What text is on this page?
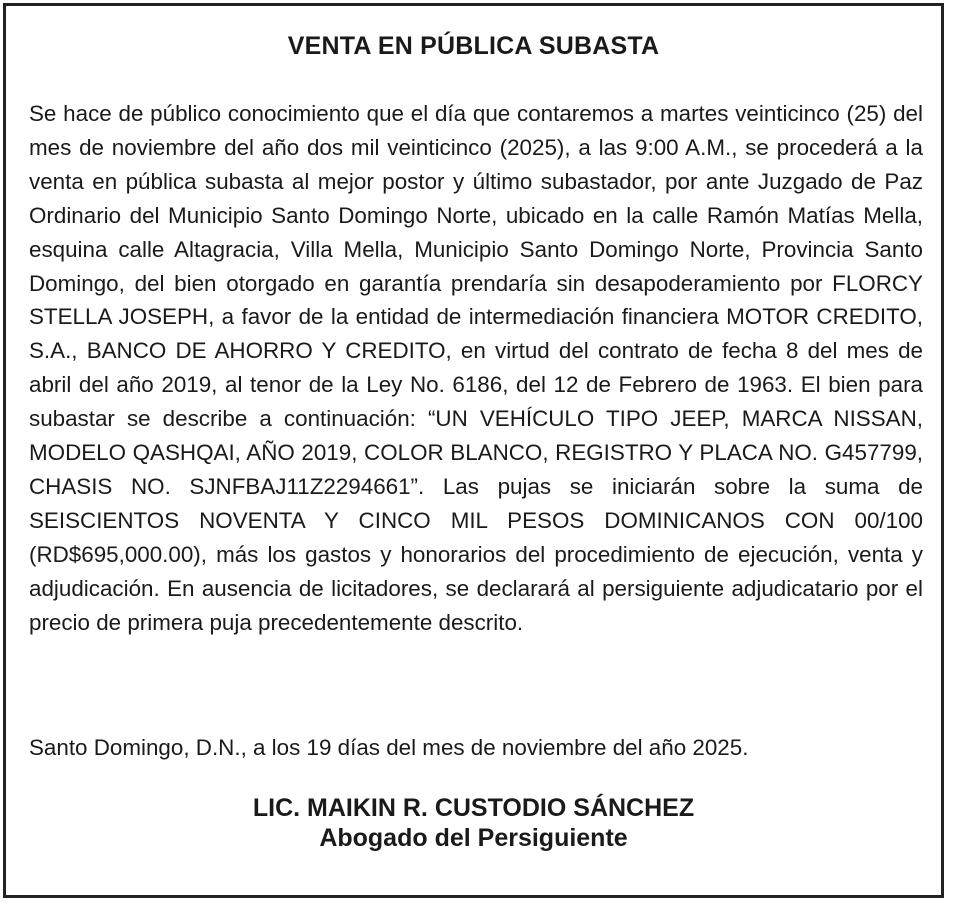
VENTA EN PÚBLICA SUBASTA

Se hace de público conocimiento que el día que contaremos a martes veinticinco (25) del mes de noviembre del año dos mil veinticinco (2025), a las 9:00 A.M., se procederá a la venta en pública subasta al mejor postor y último subastador, por ante Juzgado de Paz Ordinario del Municipio Santo Domingo Norte, ubicado en la calle Ramón Matías Mella, esquina calle Altagracia, Villa Mella, Municipio Santo Domingo Norte, Provincia Santo Domingo, del bien otorgado en garantía prendaría sin desapoderamiento por FLORCY STELLA JOSEPH, a favor de la entidad de intermediación financiera MOTOR CREDITO, S.A., BANCO DE AHORRO Y CREDITO, en virtud del contrato de fecha 8 del mes de abril del año 2019, al tenor de la Ley No. 6186, del 12 de Febrero de 1963. El bien para subastar se describe a continuación: “UN VEHÍCULO TIPO JEEP, MARCA NISSAN, MODELO QASHQAI, AÑO 2019, COLOR BLANCO, REGISTRO Y PLACA NO. G457799, CHASIS NO. SJNFBAJ11Z2294661”. Las pujas se iniciarán sobre la suma de SEISCIENTOS NOVENTA Y CINCO MIL PESOS DOMINICANOS CON 00/100 (RD$695,000.00), más los gastos y honorarios del procedimiento de ejecución, venta y adjudicación. En ausencia de licitadores, se declarará al persiguiente adjudicatario por el precio de primera puja precedentemente descrito.

Santo Domingo, D.N., a los 19 días del mes de noviembre del año 2025.

LIC. MAIKIN R. CUSTODIO SÁNCHEZ
Abogado del Persiguiente
